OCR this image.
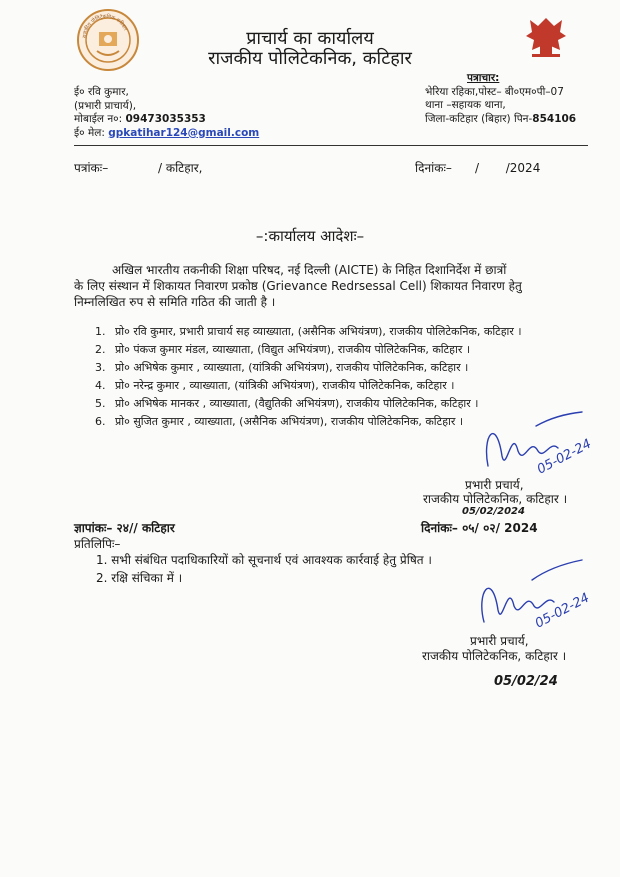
प्राचार्य का कार्यालय
राजकीय पोलिटेकनिक, कटिहार
ई० रवि कुमार,
(प्रभारी प्राचार्य),
मोबाईल न०: 09473035353
ई० मेल: gpkatihar124@gmail.com
पत्राचार:
भेरिया रहिका,पोस्ट– बी०एम०पी–07
थाना –सहायक थाना,
जिला-कटिहार (बिहार) पिन-854106
पत्रांकः–	/ कटिहार,	दिनांकः– /       /2024
–:कार्यालय आदेशः–
अखिल भारतीय तकनीकी शिक्षा परिषद, नई दिल्ली (AICTE) के निहित दिशानिर्देश में छात्रों
के लिए संस्थान में शिकायत निवारण प्रकोष्ठ (Grievance Redrsessal Cell) शिकायत निवारण हेतु
निम्नलिखित रुप से समिति गठित की जाती है ।
1. प्रो० रवि कुमार, प्रभारी प्राचार्य सह व्याख्याता, (असैनिक अभियंत्रण), राजकीय पोलिटेकनिक, कटिहार ।
2. प्रो० पंकज कुमार मंडल, व्याख्याता, (विद्युत अभियंत्रण), राजकीय पोलिटेकनिक, कटिहार ।
3. प्रो० अभिषेक कुमार , व्याख्याता, (यांत्रिकी अभियंत्रण), राजकीय पोलिटेकनिक, कटिहार ।
4. प्रो० नरेन्द्र कुमार , व्याख्याता, (यांत्रिकी अभियंत्रण), राजकीय पोलिटेकनिक, कटिहार ।
5. प्रो० अभिषेक मानकर , व्याख्याता, (वैद्युतिकी अभियंत्रण), राजकीय पोलिटेकनिक, कटिहार ।
6. प्रो० सुजित कुमार , व्याख्याता, (असैनिक अभियंत्रण), राजकीय पोलिटेकनिक, कटिहार ।
05-02-24
प्रभारी प्रचार्य,
राजकीय पोलिटेकनिक, कटिहार ।
05/02/2024
ज्ञापांकः– २४// कटिहार	दिनांकः– ०५/ ०२/ 2024
प्रतिलिपिः–
1. सभी संबंधित पदाधिकारियों को सूचनार्थ एवं आवश्यक कार्रवाई हेतु प्रेषित ।
2. रक्षि संचिका में ।
05-02-24
प्रभारी प्रचार्य,
राजकीय पोलिटेकनिक, कटिहार ।
05/02/24
राजकीय पोलिटेकनिक कटिहार
